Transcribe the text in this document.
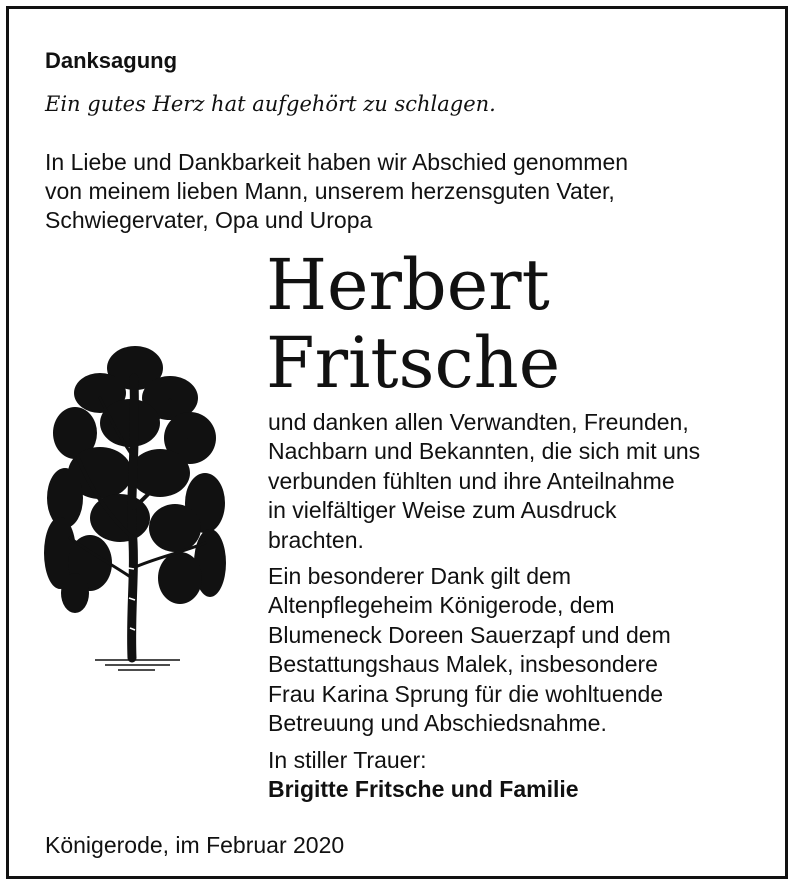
Danksagung
Ein gutes Herz hat aufgehört zu schlagen.
In Liebe und Dankbarkeit haben wir Abschied genommen
von meinem lieben Mann, unserem herzensguten Vater,
Schwiegervater, Opa und Uropa
Herbert
Fritsche
und danken allen Verwandten, Freunden,
Nachbarn und Bekannten, die sich mit uns
verbunden fühlten und ihre Anteilnahme
in vielfältiger Weise zum Ausdruck
brachten.
Ein besonderer Dank gilt dem
Altenpflegeheim Königerode, dem
Blumeneck Doreen Sauerzapf und dem
Bestattungshaus Malek, insbesondere
Frau Karina Sprung für die wohltuende
Betreuung und Abschiedsnahme.
In stiller Trauer:
Brigitte Fritsche und Familie
Königerode, im Februar 2020
